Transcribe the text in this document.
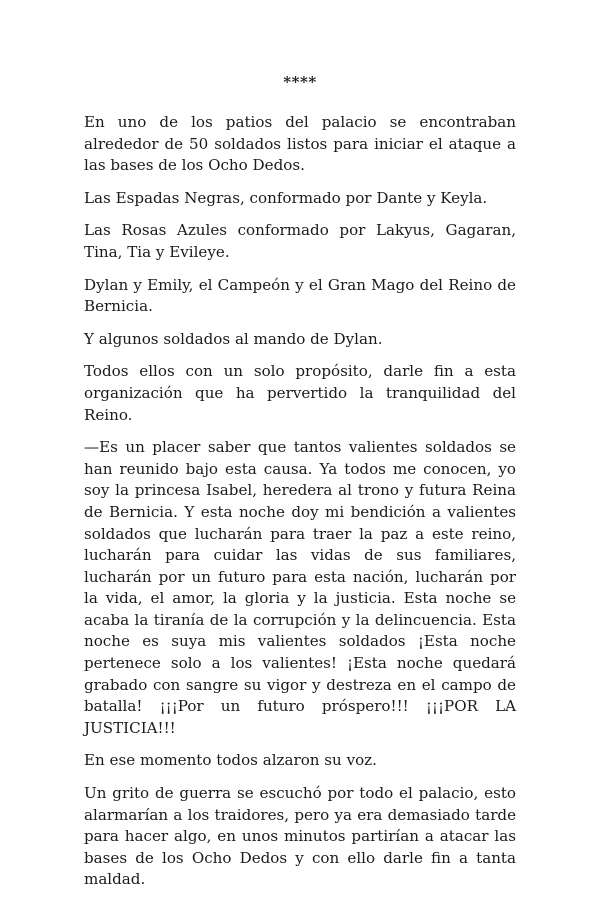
****

En uno de los patios del palacio se encontraban alrededor de 50 soldados listos para iniciar el ataque a las bases de los Ocho Dedos.

Las Espadas Negras, conformado por Dante y Keyla.

Las Rosas Azules conformado por Lakyus, Gagaran, Tina, Tia y Evileye.

Dylan y Emily, el Campeón y el Gran Mago del Reino de Bernicia.

Y algunos soldados al mando de Dylan.

Todos ellos con un solo propósito, darle fin a esta organización que ha pervertido la tranquilidad del Reino.

—Es un placer saber que tantos valientes soldados se han reunido bajo esta causa. Ya todos me conocen, yo soy la princesa Isabel, heredera al trono y futura Reina de Bernicia. Y esta noche doy mi bendición a valientes soldados que lucharán para traer la paz a este reino, lucharán para cuidar las vidas de sus familiares, lucharán por un futuro para esta nación, lucharán por la vida, el amor, la gloria y la justicia. Esta noche se acaba la tiranía de la corrupción y la delincuencia. Esta noche es suya mis valientes soldados ¡Esta noche pertenece solo a los valientes! ¡Esta noche quedará grabado con sangre su vigor y destreza en el campo de batalla! ¡¡¡Por un futuro próspero!!! ¡¡¡POR LA JUSTICIA!!!

En ese momento todos alzaron su voz.

Un grito de guerra se escuchó por todo el palacio, esto alarmarían a los traidores, pero ya era demasiado tarde para hacer algo, en unos minutos partirían a atacar las bases de los Ocho Dedos y con ello darle fin a tanta maldad.
